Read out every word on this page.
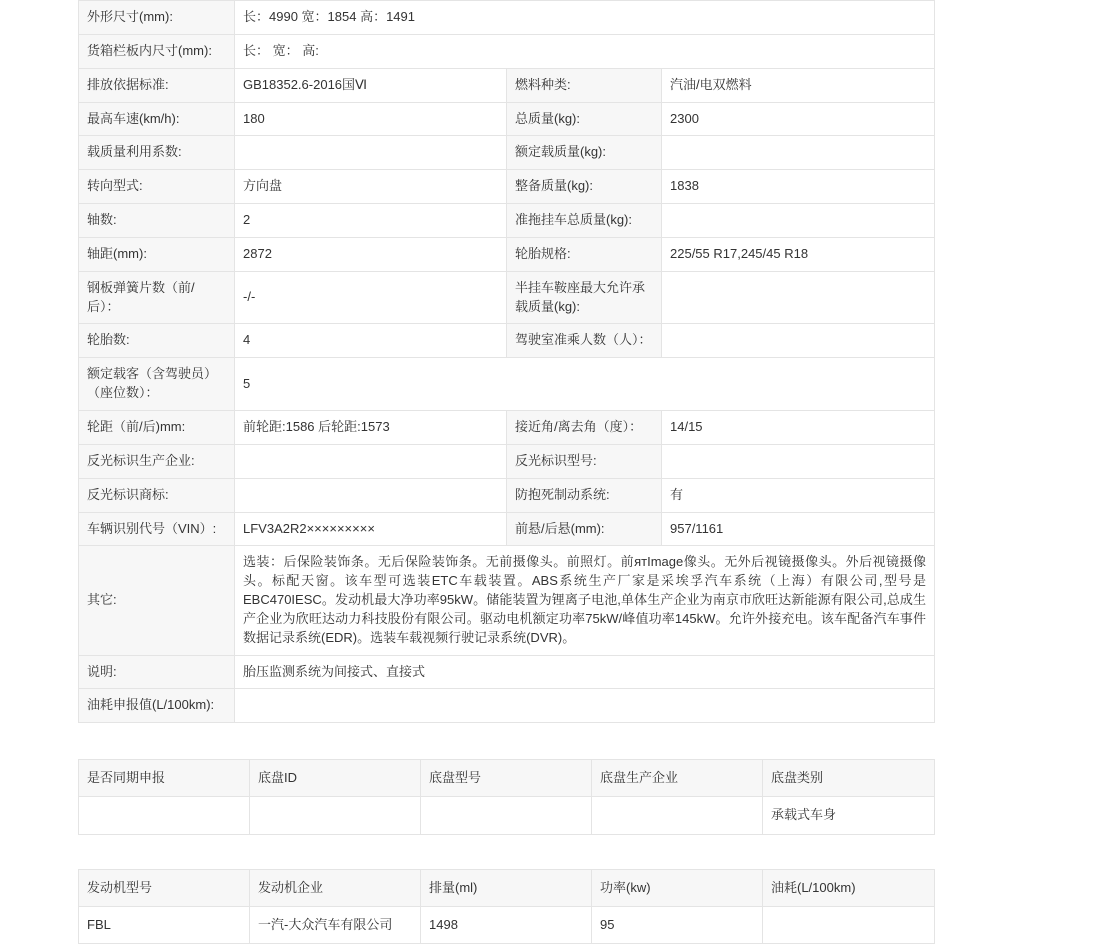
外形尺寸(mm):	长：4990 宽：1854 高：1491		
货箱栏板内尺寸(mm):	长： 宽： 高:		
排放依据标准:	GB18352.6-2016国Ⅵ	燃料种类:	汽油/电双燃料
最高车速(km/h):	180	总质量(kg):	2300
载质量利用系数:		额定载质量(kg):	
转向型式:	方向盘	整备质量(kg):	1838
轴数:	2	准拖挂车总质量(kg):	
轴距(mm):	2872	轮胎规格:	225/55 R17,245/45 R18
钢板弹簧片数（前/后）：	-/-	半挂车鞍座最大允许承载质量(kg):	
轮胎数:	4	驾驶室准乘人数（人）：	
额定载客（含驾驶员）（座位数）：	5		
轮距（前/后)mm:	前轮距:1586 后轮距:1573	接近角/离去角（度）：	14/15
反光标识生产企业:		反光标识型号:	
反光标识商标:		防抱死制动系统:	有
车辆识别代号（VIN）:	LFV3A2R2×××××××××	前悬/后悬(mm):	957/1161
其它:	选装：后保险装饰条。无后保险装饰条。无前摄像头。前照灯。前ятImage像头。无外后视镜摄像头。外后视镜摄像头。标配天窗。该车型可选装ETC车载装置。ABS系统生产厂家是采埃孚汽车系统（上海）有限公司,型号是EBC470IESC。发动机最大净功率95kW。储能装置为锂离子电池,单体生产企业为南京市欣旺达新能源有限公司,总成生产企业为欣旺达动力科技股份有限公司。驱动电机额定功率75kW/峰值功率145kW。允许外接充电。该车配备汽车事件数据记录系统(EDR)。选装车载视频行驶记录系统(DVR)。		
说明:	胎压监测系统为间接式、直接式		
油耗申报值(L/100km):			
是否同期申报	底盘ID	底盘型号	底盘生产企业	底盘类别
				承载式车身
发动机型号	发动机企业	排量(ml)	功率(kw)	油耗(L/100km)
FBL	一汽-大众汽车有限公司	1498	95	
